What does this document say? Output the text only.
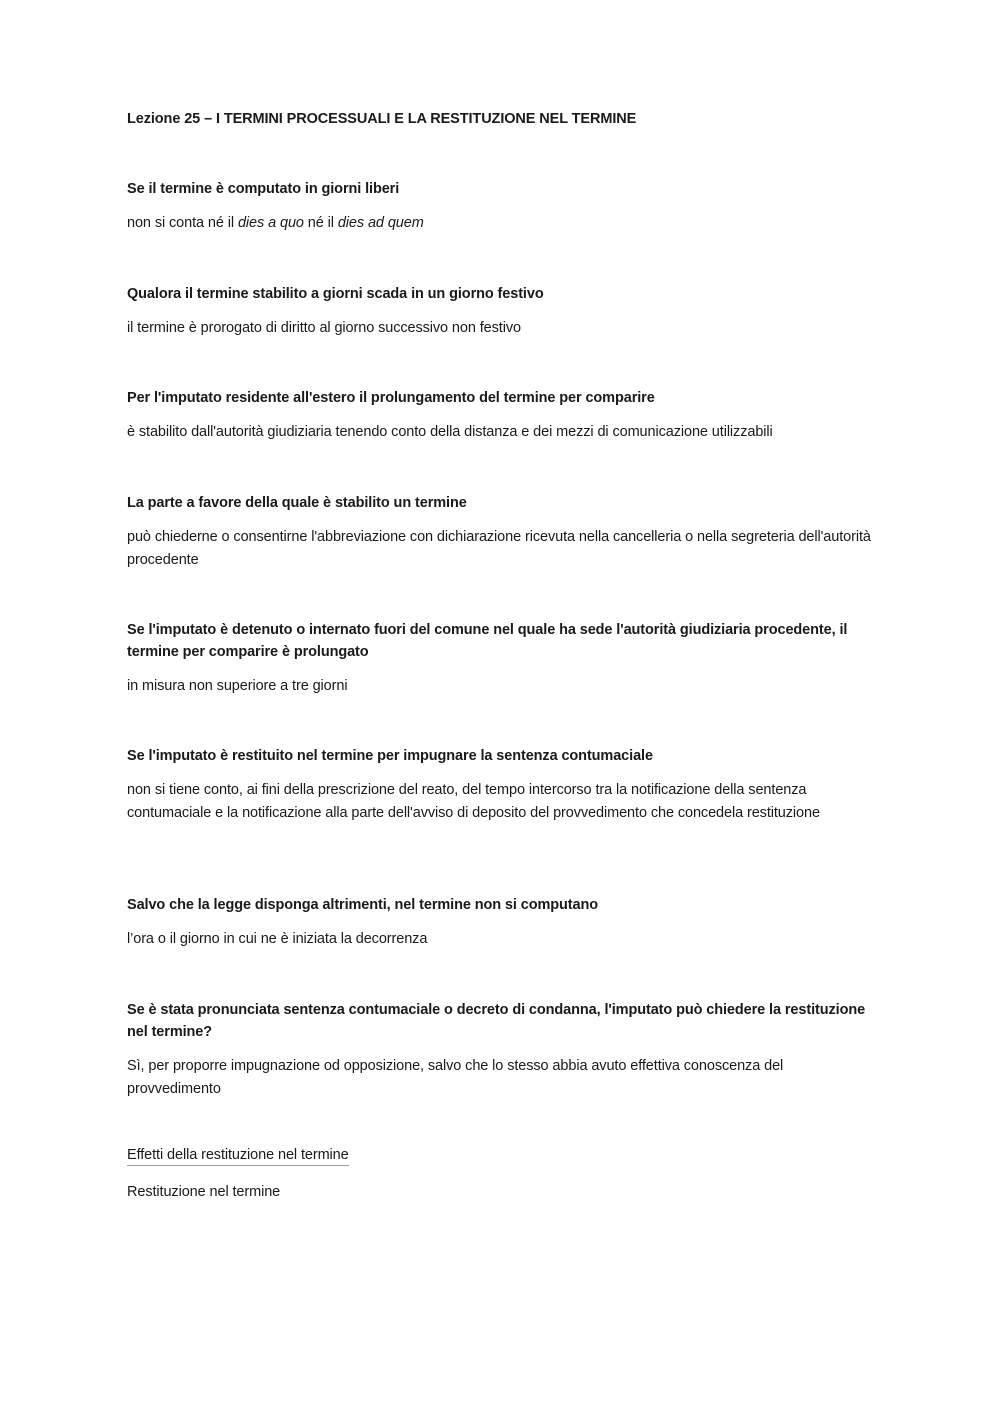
Lezione 25 – I TERMINI PROCESSUALI E LA RESTITUZIONE NEL TERMINE

Se il termine è computato in giorni liberi

non si conta né il dies a quo né il dies ad quem

Qualora il termine stabilito a giorni scada in un giorno festivo

il termine è prorogato di diritto al giorno successivo non festivo

Per l'imputato residente all'estero il prolungamento del termine per comparire

è stabilito dall'autorità giudiziaria tenendo conto della distanza e dei mezzi di comunicazione utilizzabili

La parte a favore della quale è stabilito un termine

può chiederne o consentirne l'abbreviazione con dichiarazione ricevuta nella cancelleria o nella segreteria dell'autorità procedente

Se l'imputato è detenuto o internato fuori del comune nel quale ha sede l'autorità giudiziaria procedente, il termine per comparire è prolungato

in misura non superiore a tre giorni

Se l'imputato è restituito nel termine per impugnare la sentenza contumaciale

non si tiene conto, ai fini della prescrizione del reato, del tempo intercorso tra la notificazione della sentenza contumaciale e la notificazione alla parte dell'avviso di deposito del provvedimento che concedela restituzione

Salvo che la legge disponga altrimenti, nel termine non si computano

l’ora o il giorno in cui ne è iniziata la decorrenza

Se è stata pronunciata sentenza contumaciale o decreto di condanna, l'imputato può chiedere la restituzione nel termine?

Sì, per proporre impugnazione od opposizione, salvo che lo stesso abbia avuto effettiva conoscenza del provvedimento

Effetti della restituzione nel termine
Restituzione nel termine
